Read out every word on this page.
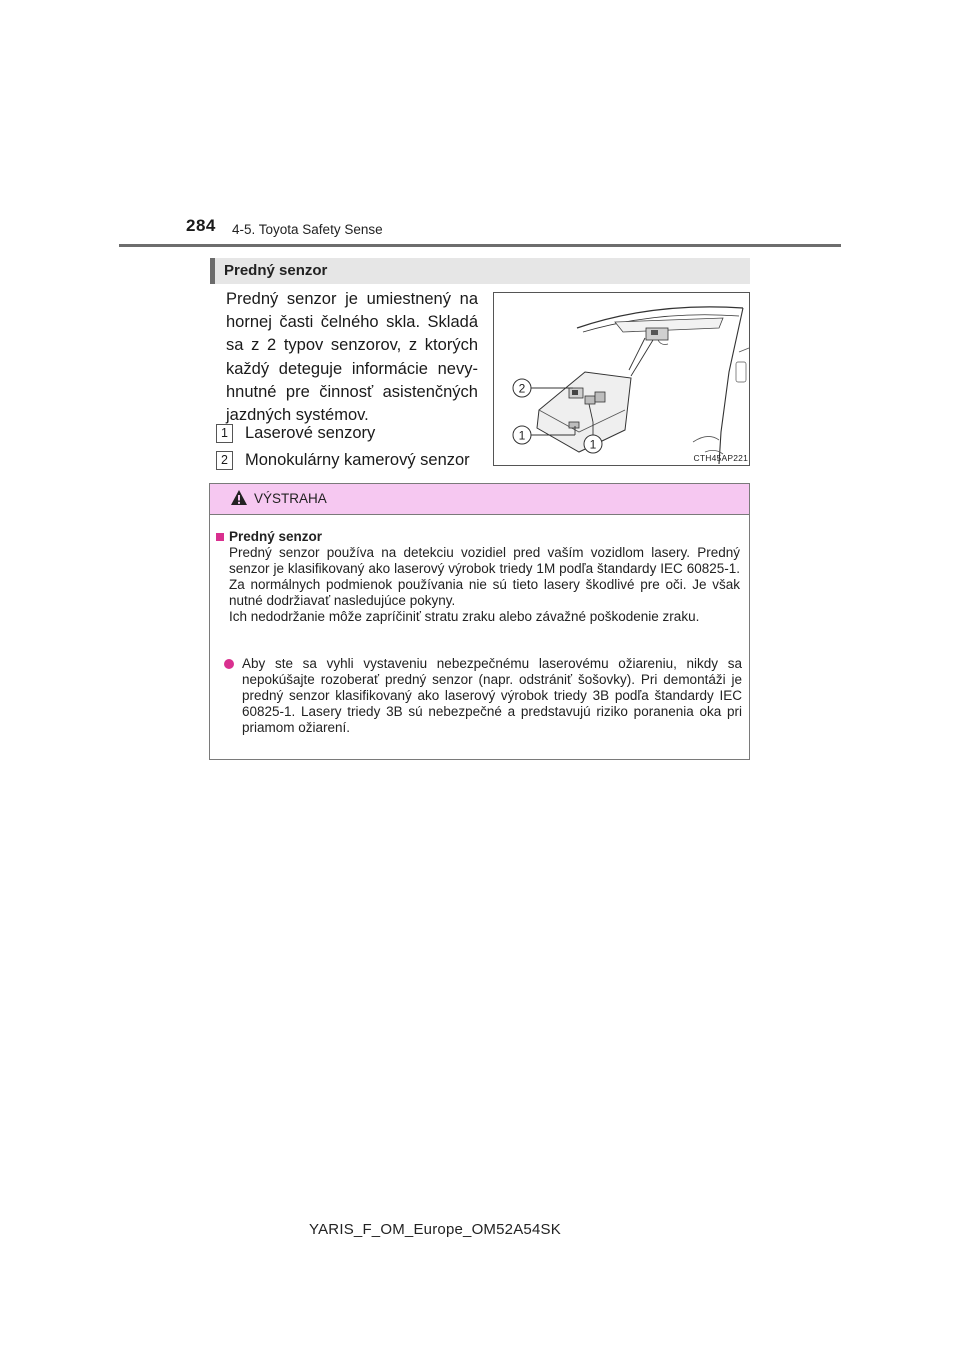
284 4-5. Toyota Safety Sense
Predný senzor
Predný senzor je umiestnený na hornej časti čelného skla. Skladá sa z 2 typov senzorov, z ktorých každý deteguje informácie nevyhnutné pre činnosť asistenčných jazdných systémov.
1	Laserové senzory
2	Monokulárny kamerový senzor
2
1
1
CTH45AP221
VÝSTRAHA
Predný senzor

Predný senzor používa na detekciu vozidiel pred vaším vozidlom lasery. Predný senzor je klasifikovaný ako laserový výrobok triedy 1M podľa štandardy IEC 60825-1. Za normálnych podmienok používania nie sú tieto lasery škodlivé pre oči. Je však nutné dodržiavať nasledujúce pokyny.

Ich nedodržanie môže zapríčiniť stratu zraku alebo závažné poškodenie zraku.

Aby ste sa vyhli vystaveniu nebezpečnému laserovému ožiareniu, nikdy sa nepokúšajte rozoberať predný senzor (napr. odstrániť šošovky). Pri demontáži je predný senzor klasifikovaný ako laserový výrobok triedy 3B podľa štandardy IEC 60825-1. Lasery triedy 3B sú nebezpečné a predstavujú riziko poranenia oka pri priamom ožiarení.
YARIS_F_OM_Europe_OM52A54SK
